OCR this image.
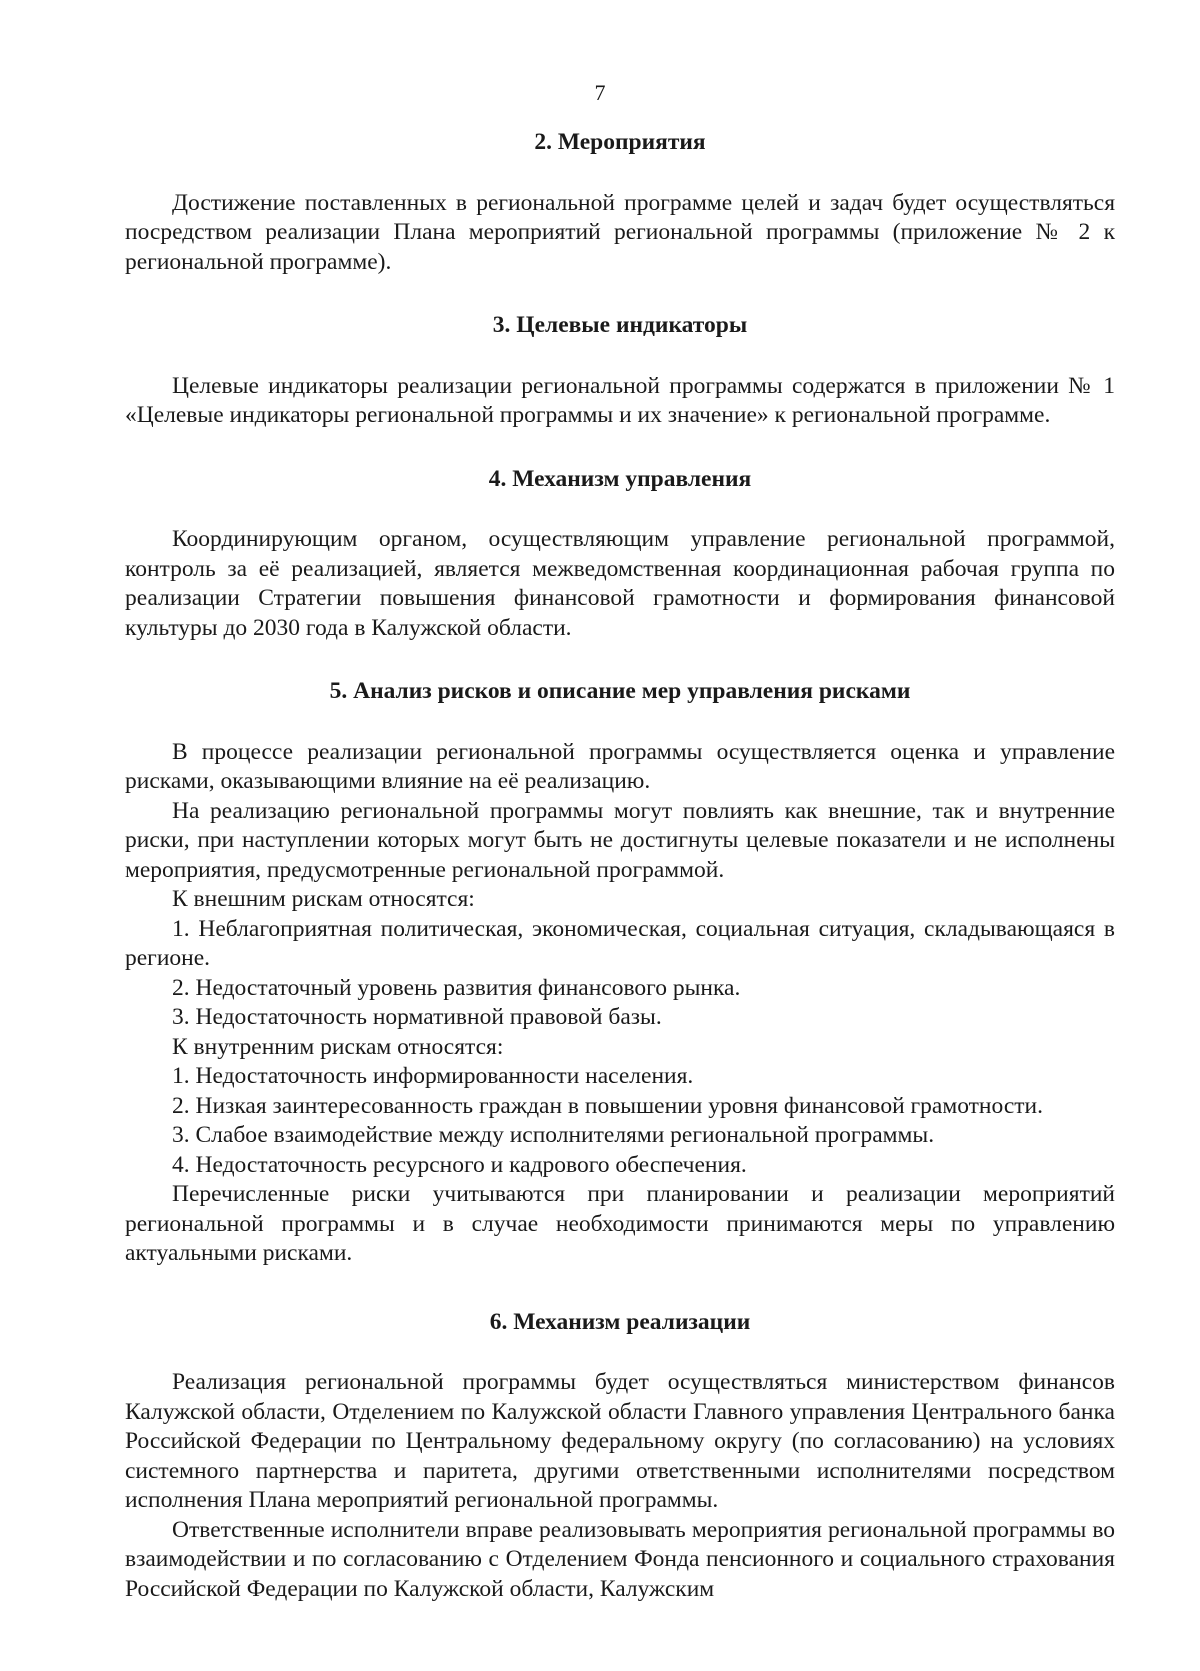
7
2. Мероприятия

Достижение поставленных в региональной программе целей и задач будет осуществляться посредством реализации Плана мероприятий региональной программы (приложение № 2 к региональной программе).

3. Целевые индикаторы

Целевые индикаторы реализации региональной программы содержатся в приложении № 1 «Целевые индикаторы региональной программы и их значение» к региональной программе.

4. Механизм управления

Координирующим органом, осуществляющим управление региональной программой, контроль за её реализацией, является межведомственная координационная рабочая группа по реализации Стратегии повышения финансовой грамотности и формирования финансовой культуры до 2030 года в Калужской области.

5. Анализ рисков и описание мер управления рисками

В процессе реализации региональной программы осуществляется оценка и управление рисками, оказывающими влияние на её реализацию.

На реализацию региональной программы могут повлиять как внешние, так и внутренние риски, при наступлении которых могут быть не достигнуты целевые показатели и не исполнены мероприятия, предусмотренные региональной программой.

К внешним рискам относятся:

1. Неблагоприятная политическая, экономическая, социальная ситуация, складывающаяся в регионе.

2. Недостаточный уровень развития финансового рынка.

3. Недостаточность нормативной правовой базы.

К внутренним рискам относятся:

1. Недостаточность информированности населения.

2. Низкая заинтересованность граждан в повышении уровня финансовой грамотности.

3. Слабое взаимодействие между исполнителями региональной программы.

4. Недостаточность ресурсного и кадрового обеспечения.

Перечисленные риски учитываются при планировании и реализации мероприятий региональной программы и в случае необходимости принимаются меры по управлению актуальными рисками.

6. Механизм реализации

Реализация региональной программы будет осуществляться министерством финансов Калужской области, Отделением по Калужской области Главного управления Центрального банка Российской Федерации по Центральному федеральному округу (по согласованию) на условиях системного партнерства и паритета, другими ответственными исполнителями посредством исполнения Плана мероприятий региональной программы.

Ответственные исполнители вправе реализовывать мероприятия региональной программы во взаимодействии и по согласованию с Отделением Фонда пенсионного и социального страхования Российской Федерации по Калужской области, Калужским
